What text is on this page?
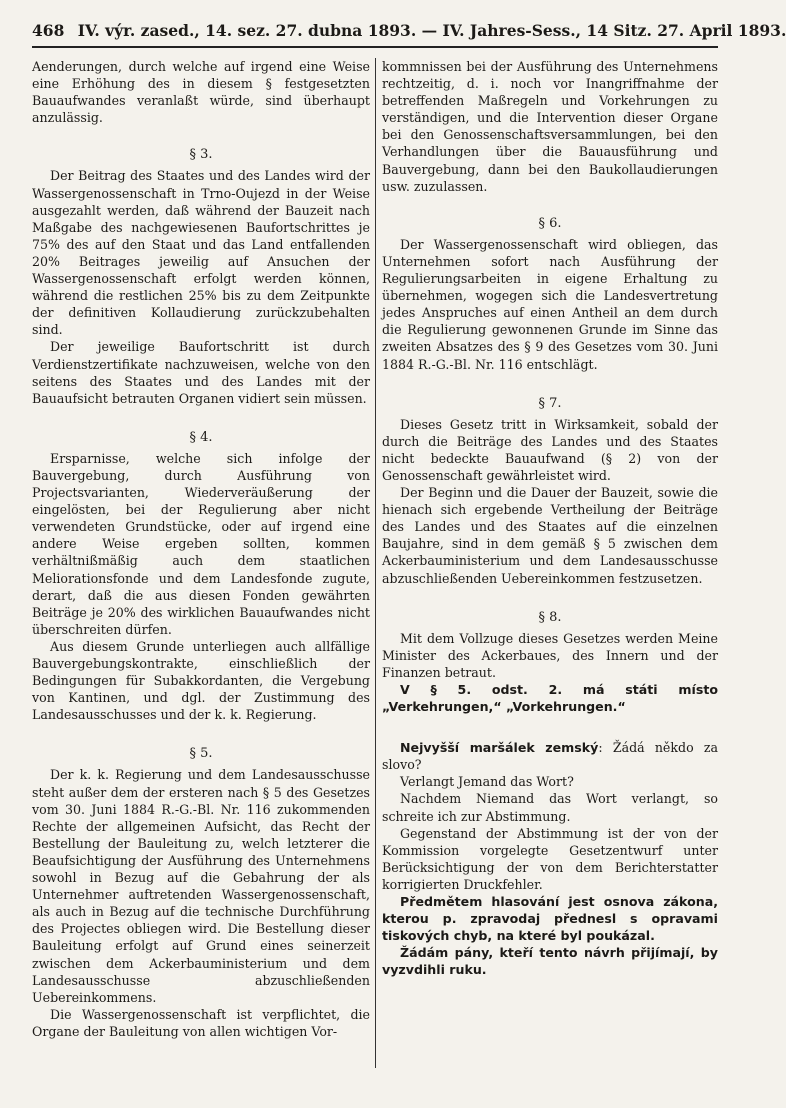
468 IV. výr. zased., 14. sez. 27. dubna 1893. — IV. Jahres-Sess., 14 Sitz. 27. April 1893.

Aenderungen, durch welche auf irgend eine Weise eine Erhöhung des in diesem § festgesetzten Bauaufwandes veranlaßt würde, sind überhaupt anzulässig.

§ 3.

Der Beitrag des Staates und des Landes wird der Wassergenossenschaft in Trno-Oujezd in der Weise ausgezahlt werden, daß während der Bauzeit nach Maßgabe des nachgewiesenen Baufortschrittes je 75% des auf den Staat und das Land entfallenden 20% Beitrages jeweilig auf Ansuchen der Wassergenossenschaft erfolgt werden können, während die restlichen 25% bis zu dem Zeitpunkte der definitiven Kollaudierung zurückzubehalten sind.

Der jeweilige Baufortschritt ist durch Verdienstzertifikate nachzuweisen, welche von den seitens des Staates und des Landes mit der Bauaufsicht betrauten Organen vidiert sein müssen.

§ 4.

Ersparnisse, welche sich infolge der Bauvergebung, durch Ausführung von Projectsvarianten, Wiederveräußerung der eingelösten, bei der Regulierung aber nicht verwendeten Grundstücke, oder auf irgend eine andere Weise ergeben sollten, kommen verhältnißmäßig auch dem staatlichen Meliorationsfonde und dem Landesfonde zugute, derart, daß die aus diesen Fonden gewährten Beiträge je 20% des wirklichen Bauaufwandes nicht überschreiten dürfen.

Aus diesem Grunde unterliegen auch allfällige Bauvergebungskontrakte, einschließlich der Bedingungen für Subakkordanten, die Vergebung von Kantinen, und dgl. der Zustimmung des Landesausschusses und der k. k. Regierung.

§ 5.

Der k. k. Regierung und dem Landesausschusse steht außer dem der ersteren nach § 5 des Gesetzes vom 30. Juni 1884 R.-G.-Bl. Nr. 116 zukommenden Rechte der allgemeinen Aufsicht, das Recht der Bestellung der Bauleitung zu, welch letzterer die Beaufsichtigung der Ausführung des Unternehmens sowohl in Bezug auf die Gebahrung der als Unternehmer auftretenden Wassergenossenschaft, als auch in Bezug auf die technische Durchführung des Projectes obliegen wird. Die Bestellung dieser Bauleitung erfolgt auf Grund eines seinerzeit zwischen dem Ackerbauministerium und dem Landesausschusse abzuschließenden Uebereinkommens.

Die Wassergenossenschaft ist verpflichtet, die Organe der Bauleitung von allen wichtigen Vor-

kommnissen bei der Ausführung des Unternehmens rechtzeitig, d. i. noch vor Inangriffnahme der betreffenden Maßregeln und Vorkehrungen zu verständigen, und die Intervention dieser Organe bei den Genossenschaftsversammlungen, bei den Verhandlungen über die Bauausführung und Bauvergebung, dann bei den Baukollaudierungen usw. zuzulassen.

§ 6.

Der Wassergenossenschaft wird obliegen, das Unternehmen sofort nach Ausführung der Regulierungsarbeiten in eigene Erhaltung zu übernehmen, wogegen sich die Landesvertretung jedes Anspruches auf einen Antheil an dem durch die Regulierung gewonnenen Grunde im Sinne das zweiten Absatzes des § 9 des Gesetzes vom 30. Juni 1884 R.-G.-Bl. Nr. 116 entschlägt.

§ 7.

Dieses Gesetz tritt in Wirksamkeit, sobald der durch die Beiträge des Landes und des Staates nicht bedeckte Bauaufwand (§ 2) von der Genossenschaft gewährleistet wird.

Der Beginn und die Dauer der Bauzeit, sowie die hienach sich ergebende Vertheilung der Beiträge des Landes und des Staates auf die einzelnen Baujahre, sind in dem gemäß § 5 zwischen dem Ackerbauministerium und dem Landesausschusse abzuschließenden Uebereinkommen festzusetzen.

§ 8.

Mit dem Vollzuge dieses Gesetzes werden Meine Minister des Ackerbaues, des Innern und der Finanzen betraut.

V § 5. odst. 2. má státi místo „Verkehrungen,“ „Vorkehrungen.“

Nejvyšší maršálek zemský: Žádá někdo za slovo?

Verlangt Jemand das Wort?

Nachdem Niemand das Wort verlangt, so schreite ich zur Abstimmung.

Gegenstand der Abstimmung ist der von der Kommission vorgelegte Gesetzentwurf unter Berücksichtigung der von dem Berichterstatter korrigierten Druckfehler.

Předmětem hlasování jest osnova zákona, kterou p. zpravodaj přednesl s opravami tiskových chyb, na které byl poukázal.

Žádám pány, kteří tento návrh přijímají, by vyzvdihli ruku.
